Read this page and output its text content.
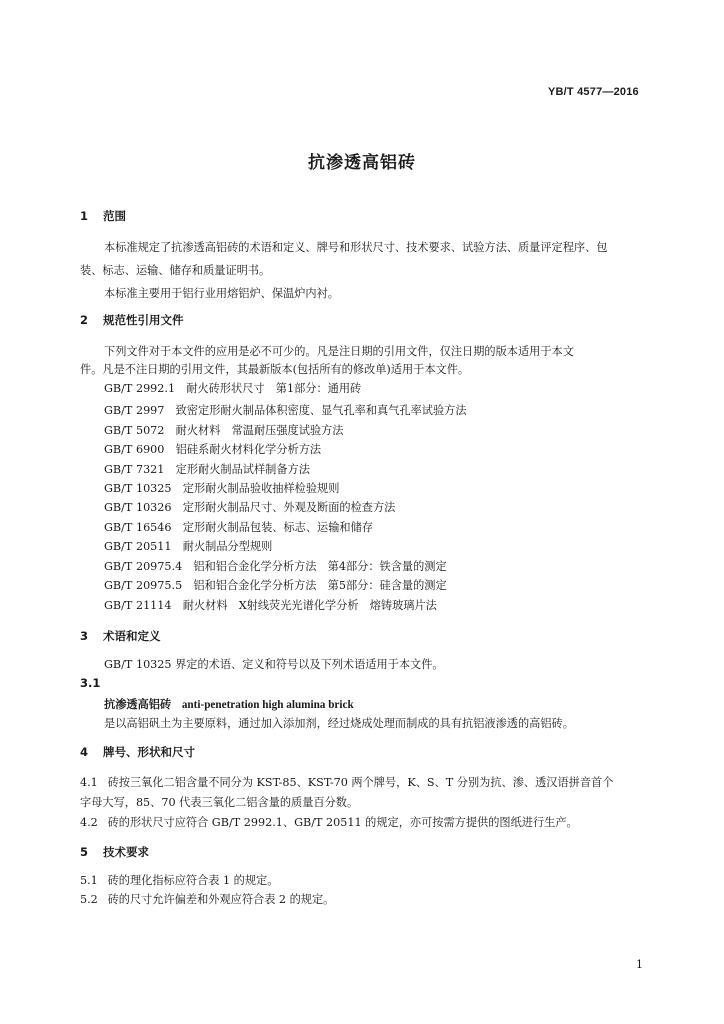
YB/T 4577—2016
抗渗透高铝砖
1 范围
本标准规定了抗渗透高铝砖的术语和定义、牌号和形状尺寸、技术要求、试验方法、质量评定程序、包
装、标志、运输、储存和质量证明书。
本标准主要用于铝行业用熔铝炉、保温炉内衬。
2 规范性引用文件
下列文件对于本文件的应用是必不可少的。凡是注日期的引用文件，仅注日期的版本适用于本文
件。凡是不注日期的引用文件，其最新版本(包括所有的修改单)适用于本文件。
GB/T 2992.1　 耐火砖形状尺寸　第1部分：通用砖
GB/T 2997　 致密定形耐火制品体积密度、显气孔率和真气孔率试验方法
GB/T 5072　 耐火材料　常温耐压强度试验方法
GB/T 6900　 铝硅系耐火材料化学分析方法
GB/T 7321　 定形耐火制品试样制备方法
GB/T 10325　 定形耐火制品验收抽样检验规则
GB/T 10326　 定形耐火制品尺寸、外观及断面的检查方法
GB/T 16546　 定形耐火制品包装、标志、运输和储存
GB/T 20511　 耐火制品分型规则
GB/T 20975.4　 铝和铝合金化学分析方法　第4部分：铁含量的测定
GB/T 20975.5　 铝和铝合金化学分析方法　第5部分：硅含量的测定
GB/T 21114　 耐火材料　X射线荧光光谱化学分析　熔铸玻璃片法
3 术语和定义
GB/T 10325 界定的术语、定义和符号以及下列术语适用于本文件。
3.1
抗渗透高铝砖 anti-penetration high alumina brick
是以高铝矾土为主要原料，通过加入添加剂，经过烧成处理而制成的具有抗铝液渗透的高铝砖。
4 牌号、形状和尺寸
4.1 砖按三氧化二铝含量不同分为 KST-85、KST-70 两个牌号，K、S、T 分别为抗、渗、透汉语拼音首个
字母大写，85、70 代表三氧化二铝含量的质量百分数。
4.2 砖的形状尺寸应符合 GB/T 2992.1、GB/T 20511 的规定，亦可按需方提供的图纸进行生产。
5 技术要求
5.1 砖的理化指标应符合表 1 的规定。
5.2 砖的尺寸允许偏差和外观应符合表 2 的规定。
1
